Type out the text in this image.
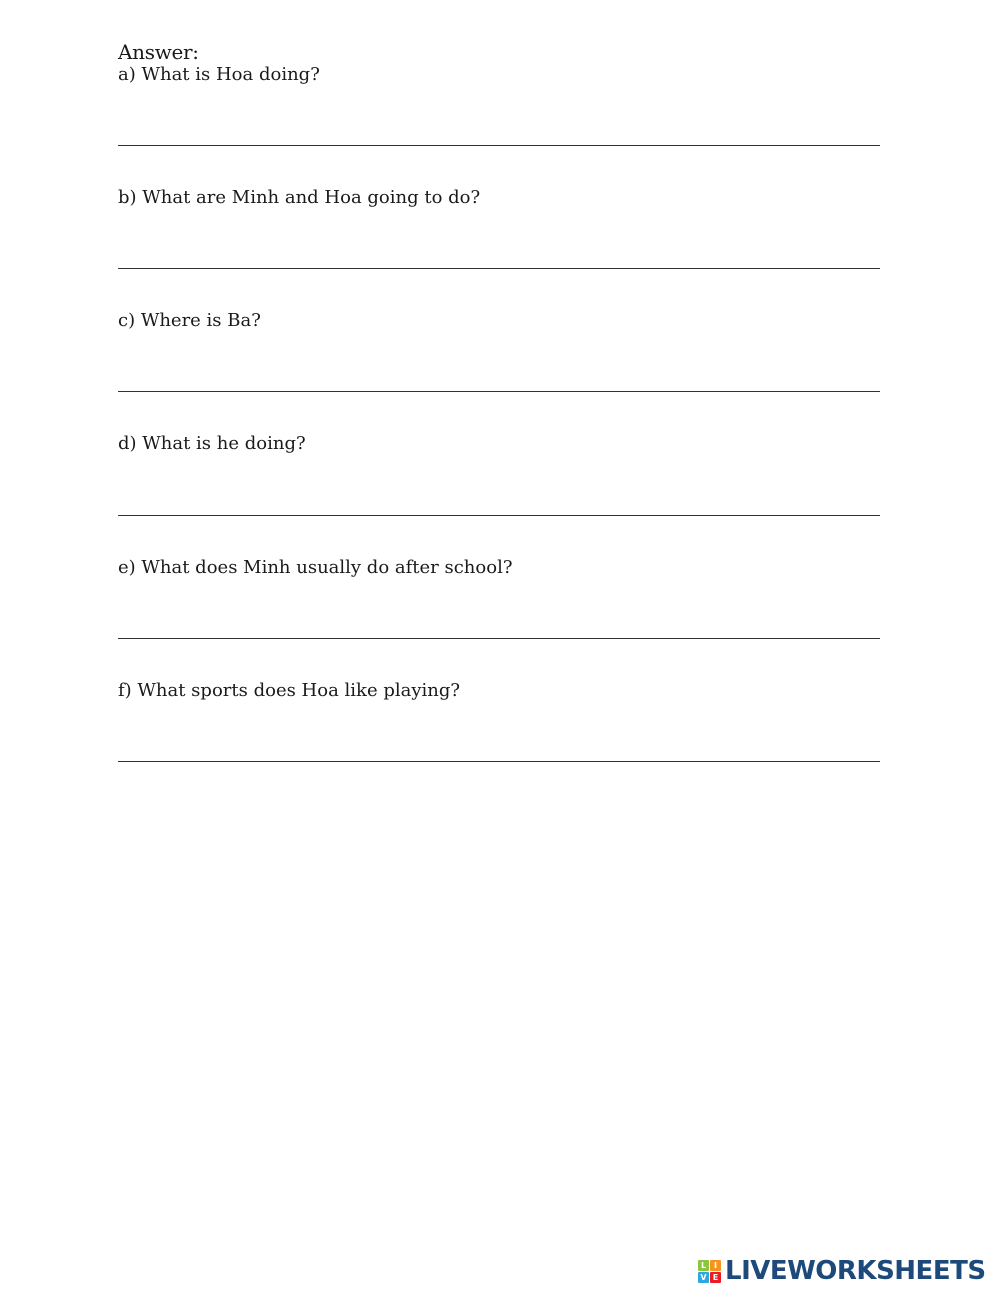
Answer:
a) What is Hoa doing?
b) What are Minh and Hoa going to do?
c) Where is Ba?
d) What is he doing?
e) What does Minh usually do after school?
f) What sports does Hoa like playing?
L I
V E LIVEWORKSHEETS
